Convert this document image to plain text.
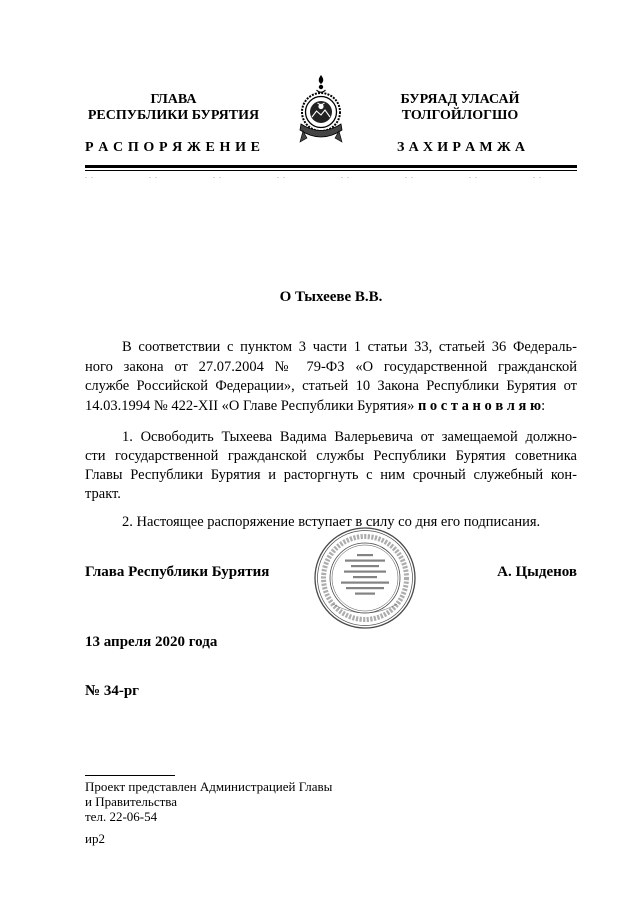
ГЛАВА
РЕСПУБЛИКИ БУРЯТИЯ
Р А С П О Р Я Ж Е Н И Е
БУРЯАД УЛАСАЙ
ТОЛГОЙЛОГШО
З А Х И Р А М Ж А
О Тыхееве В.В.
В соответствии с пунктом 3 части 1 статьи 33, статьей 36 Федераль-
ного закона от 27.07.2004 № 79-ФЗ «О государственной гражданской
службе Российской Федерации», статьей 10 Закона Республики Бурятия от
14.03.1994 № 422-XII «О Главе Республики Бурятия» п о с т а н о в л я ю:
1. Освободить Тыхеева Вадима Валерьевича от замещаемой должно-
сти государственной гражданской службы Республики Бурятия советника
Главы Республики Бурятия и расторгнуть с ним срочный служебный кон-
тракт.
2. Настоящее распоряжение вступает в силу со дня его подписания.
Глава Республики Бурятия	А. Цыденов
13 апреля 2020 года
№ 34-рг
Проект представлен Администрацией Главы
и Правительства
тел. 22-06-54
ир2
